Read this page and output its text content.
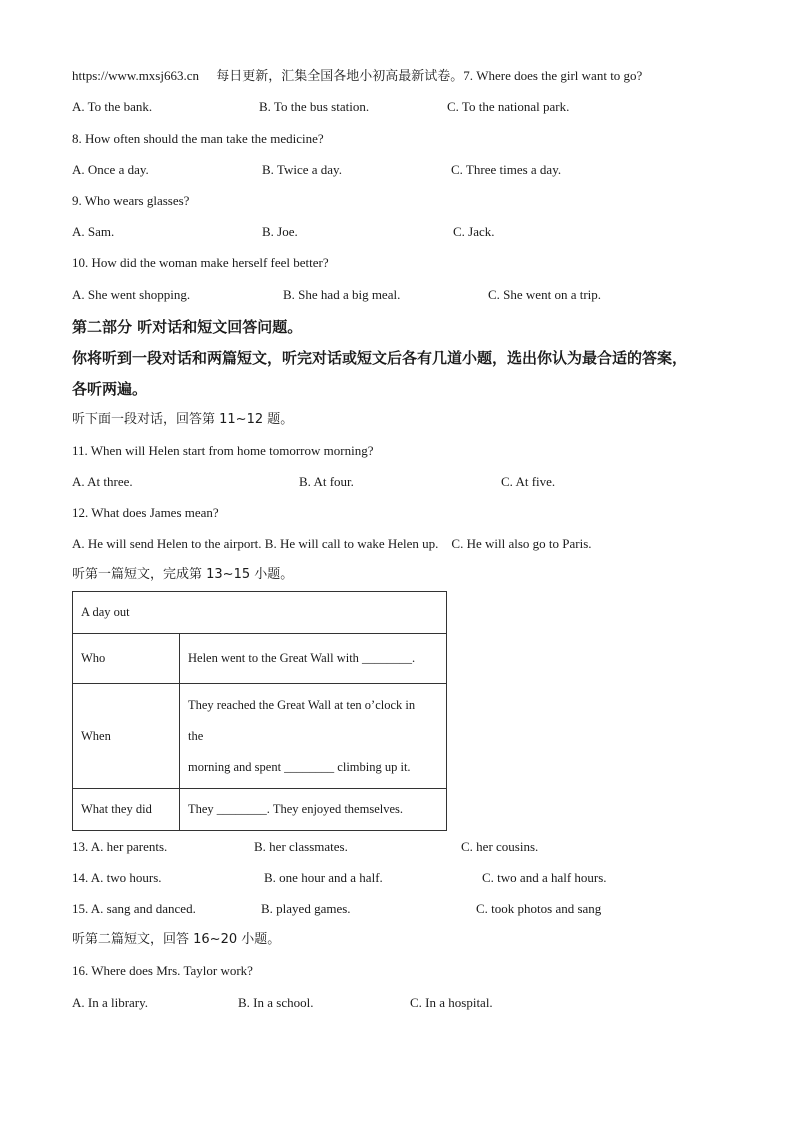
https://www.mxsj663.cn 每日更新，汇集全国各地小初高最新试卷。7. Where does the girl want to go?
A. To the bank.	B. To the bus station.	C. To the national park.
8. How often should the man take the medicine?
A. Once a day.	B. Twice a day.	C. Three times a day.
9. Who wears glasses?
A. Sam.	B. Joe.	C. Jack.
10. How did the woman make herself feel better?
A. She went shopping.	B. She had a big meal.	C. She went on a trip.
第二部分 听对话和短文回答问题。
你将听到一段对话和两篇短文，听完对话或短文后各有几道小题，选出你认为最合适的答案，
各听两遍。
听下面一段对话，回答第 11~12 题。
11. When will Helen start from home tomorrow morning?
A. At three.	B. At four.	C. At five.
12. What does James mean?
A. He will send Helen to the airport. B. He will call to wake Helen up.    C. He will also go to Paris.
听第一篇短文，完成第 13~15 小题。
A day out	
Who	Helen went to the Great Wall with ________.
When	They reached the Great Wall at ten o’clock in
the
morning and spent ________ climbing up it.

What they did	They ________. They enjoyed themselves.
13. A. her parents.	B. her classmates.	C. her cousins.
14. A. two hours.	B. one hour and a half.	C. two and a half hours.
15. A. sang and danced.	B. played games.	C. took photos and sang
听第二篇短文，回答 16~20 小题。
16. Where does Mrs. Taylor work?
A. In a library.	B. In a school.	C. In a hospital.
